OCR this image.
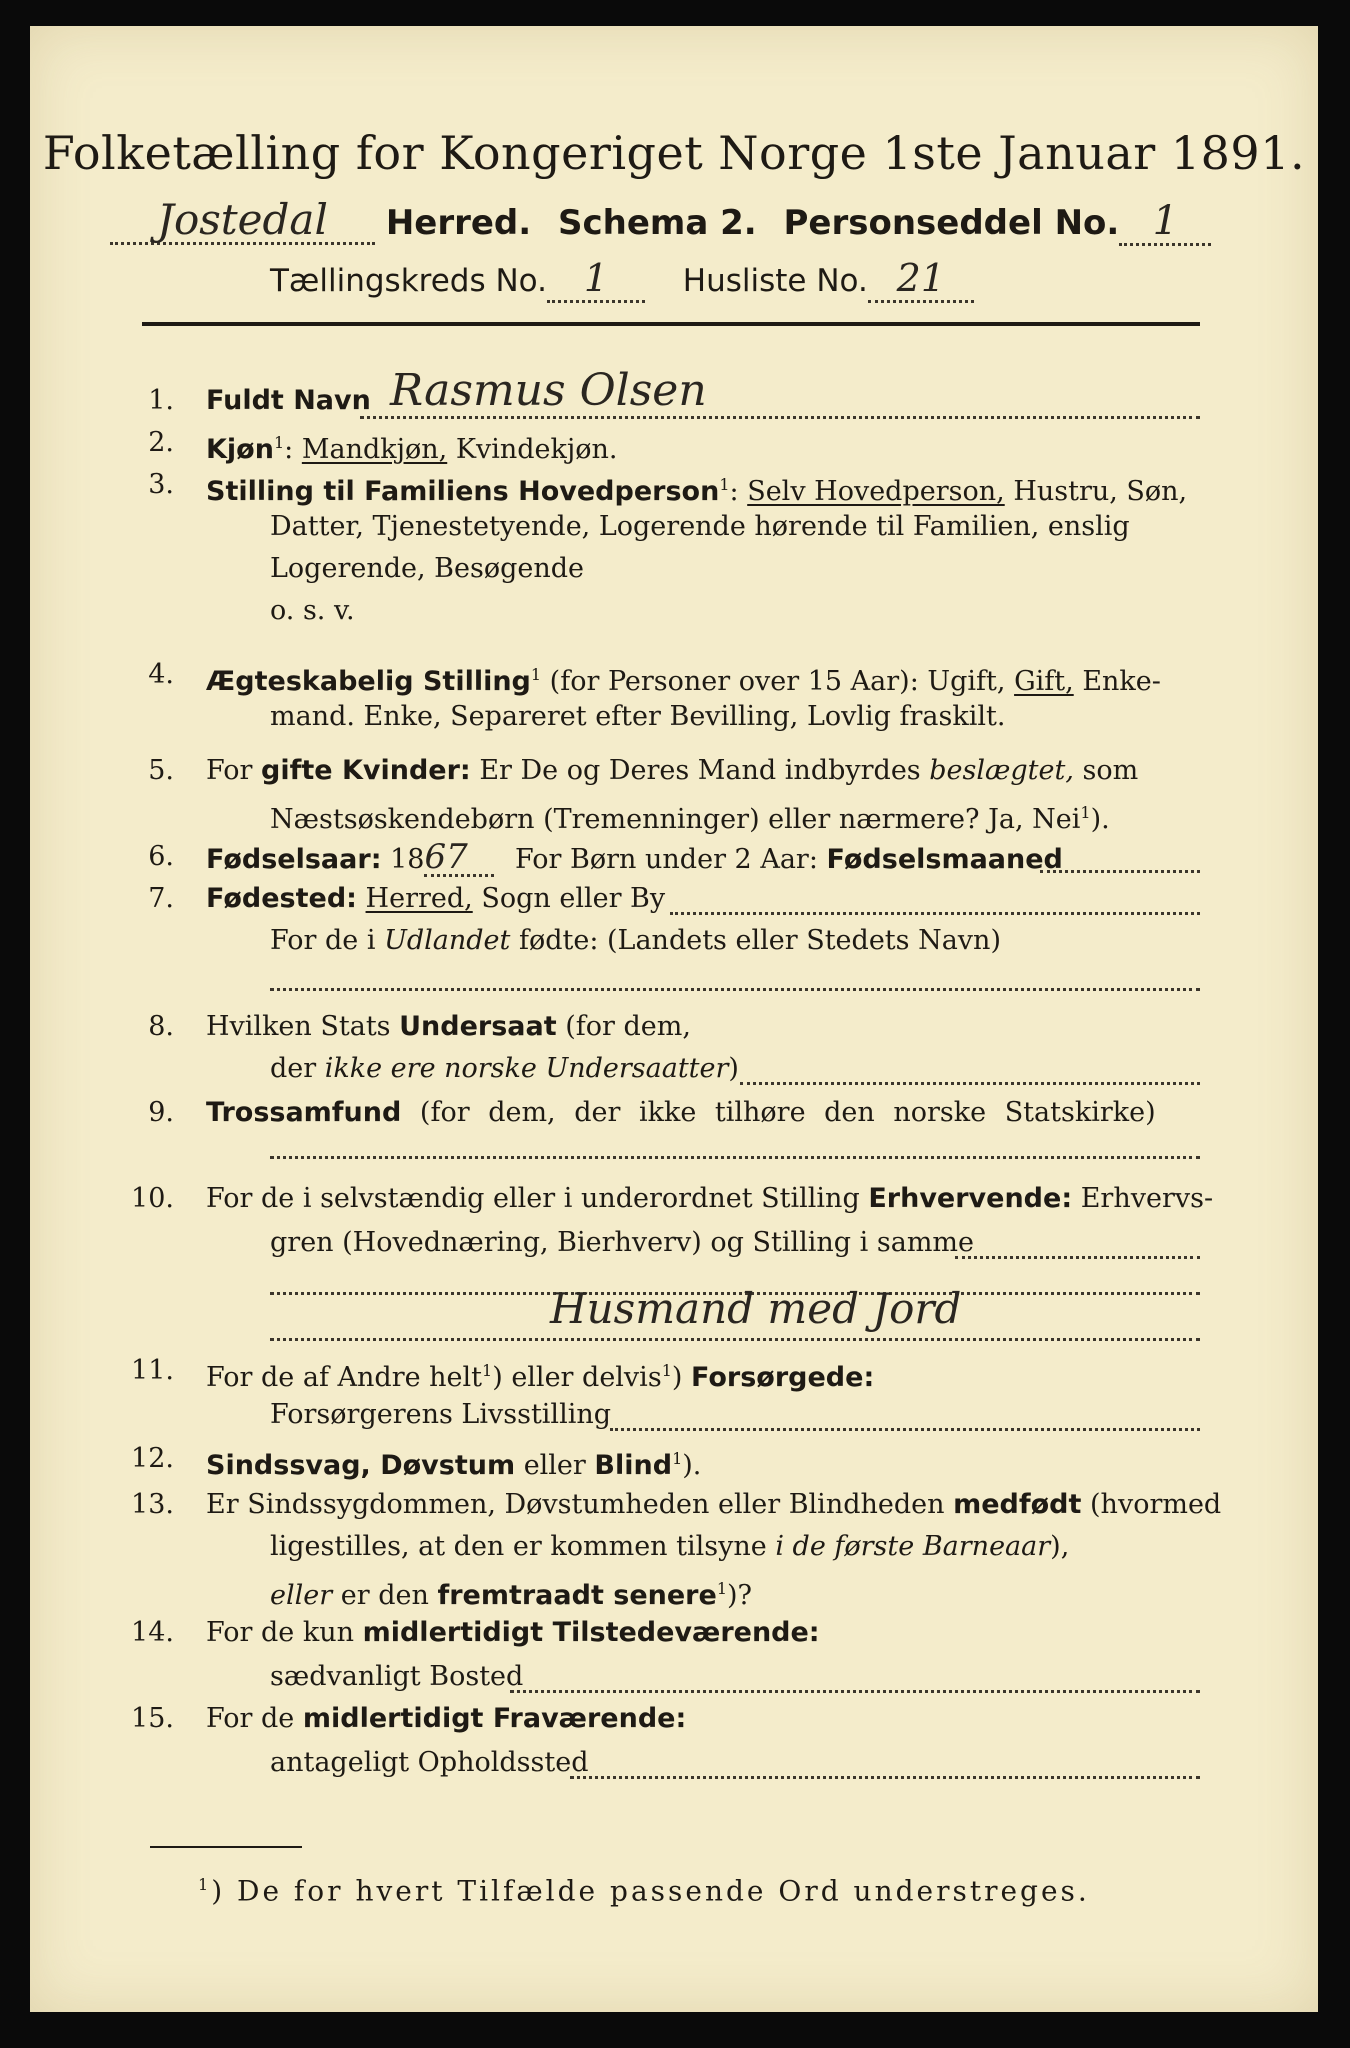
Folketælling for Kongeriget Norge 1ste Januar 1891.
Jostedal Herred. Schema 2. Personseddel No. 1
Tællingskreds No. 1 Husliste No. 21
1. Fuldt Navn Rasmus Olsen
2. Kjøn$^1$: Mandkjøn, Kvindekjøn.
3. Stilling til Familiens Hovedperson$^1$: Selv Hovedperson, Hustru, Søn,
Datter, Tjenestetyende, Logerende hørende til Familien, enslig
Logerende, Besøgende
o. s. v.
4. Ægteskabelig Stilling$^1$ (for Personer over 15 Aar): Ugift, Gift, Enke-
mand. Enke, Separeret efter Bevilling, Lovlig fraskilt.
5. For gifte Kvinder: Er De og Deres Mand indbyrdes beslægtet, som
Næstsøskendebørn (Tremenninger) eller nærmere? Ja, Nei$^1$).
6. Fødselsaar: 1867 For Børn under 2 Aar: Fødselsmaaned
7. Fødested: Herred, Sogn eller By
For de i Udlandet fødte: (Landets eller Stedets Navn)
8. Hvilken Stats Undersaat (for dem,
der ikke ere norske Undersaatter)
9. Trossamfund (for dem, der ikke tilhøre den norske Statskirke)
10. For de i selvstændig eller i underordnet Stilling Erhvervende: Erhvervs-
gren (Hovednæring, Bierhverv) og Stilling i samme
Husmand med Jord
11. For de af Andre helt$^1$) eller delvis$^1$) Forsørgede:
Forsørgerens Livsstilling
12. Sindssvag, Døvstum eller Blind$^1$).
13. Er Sindssygdommen, Døvstumheden eller Blindheden medfødt (hvormed
ligestilles, at den er kommen tilsyne i de første Barneaar),
eller er den fremtraadt senere$^1$)?
14. For de kun midlertidigt Tilstedeværende:
sædvanligt Bosted
15. For de midlertidigt Fraværende:
antageligt Opholdssted
$^1$) De for hvert Tilfælde passende Ord understreges.
